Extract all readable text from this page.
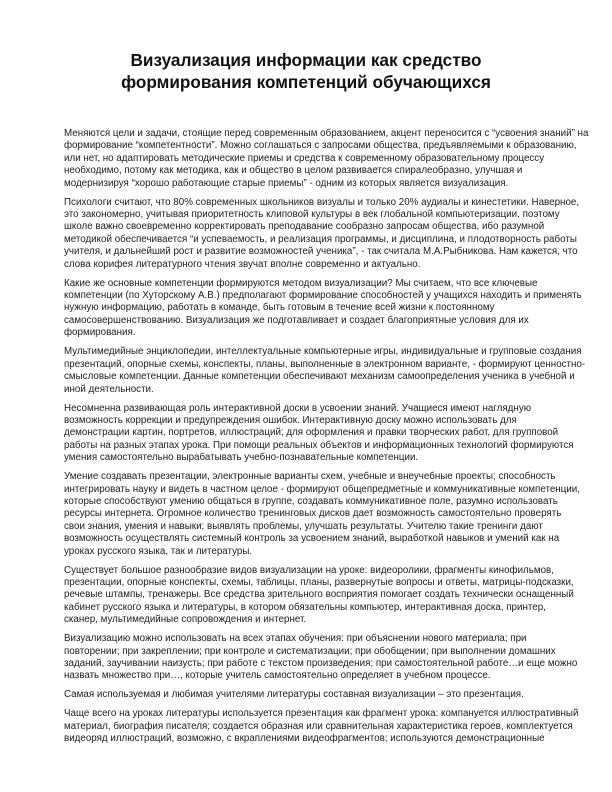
Визуализация информации как средство
формирования компетенций обучающихся

Меняются цели и задачи, стоящие перед современным образованием, акцент переносится с “усвоения знаний” на
формирование “компетентности”. Можно соглашаться с запросами общества, предъявляемыми к образованию,
или нет, но адаптировать методические приемы и средства к современному образовательному процессу
необходимо, потому как методика, как и общество в целом развивается спиралеобразно, улучшая и
модернизируя “хорошо работающие старые приемы” - одним из которых является визуализация.

Психологи считают, что 80% современных школьников визуалы и только 20% аудиалы и кинестетики. Наверное,
это закономерно, учитывая приоритетность клиповой культуры в век глобальной компьютеризации, поэтому
школе важно своевременно корректировать преподавание сообразно запросам общества, ибо разумной
методикой обеспечивается “и успеваемость, и реализация программы, и дисциплина, и плодотворность работы
учителя, и дальнейший рост и развитие возможностей ученика”, - так считала М.А.Рыбникова. Нам кажется, что
слова корифея литературного чтения звучат вполне современно и актуально.

Какие же основные компетенции формируются методом визуализации? Мы считаем, что все ключевые
компетенции (по Хуторскому А.В.) предполагают формирование способностей у учащихся находить и применять
нужную информацию, работать в команде, быть готовым в течение всей жизни к постоянному
самосовершенствованию. Визуализация же подготавливает и создает благоприятные условия для их
формирования.

Мультимедийные энциклопедии, интеллектуальные компьютерные игры, индивидуальные и групповые создания
презентаций, опорные схемы, конспекты, планы, выполненные в электронном варианте, - формируют ценностно-
смысловые компетенции. Данные компетенции обеспечивают механизм самоопределения ученика в учебной и
иной деятельности.

Несомненна развивающая роль интерактивной доски в усвоении знаний. Учащиеся имеют наглядную
возможность коррекции и предупреждения ошибок. Интерактивную доску можно использовать для
демонстрации картин, портретов, иллюстраций; для оформления и правки творческих работ, для групповой
работы на разных этапах урока. При помощи реальных объектов и информационных технологий формируются
умения самостоятельно вырабатывать учебно-познавательные компетенции.

Умение создавать презентации, электронные варианты схем, учебные и внеучебные проекты; способность
интегрировать науку и видеть в частном целое - формируют общепредметные и коммуникативные компетенции,
которые способствуют умению общаться в группе, создавать коммуникативное поле, разумно использовать
ресурсы интернета. Огромное количество тренинговых дисков дает возможность самостоятельно проверять
свои знания, умения и навыки; выявлять проблемы, улучшать результаты. Учителю такие тренинги дают
возможность осуществлять системный контроль за усвоением знаний, выработкой навыков и умений как на
уроках русского языка, так и литературы.

Существует большое разнообразие видов визуализации на уроке: видеоролики, фрагменты кинофильмов,
презентации, опорные конспекты, схемы, таблицы, планы, развернутые вопросы и ответы, матрицы-подсказки,
речевые штампы, тренажеры. Все средства зрительного восприятия помогает создать технически оснащенный
кабинет русского языка и литературы, в котором обязательны компьютер, интерактивная доска, принтер,
сканер, мультимедийные сопровождения и интернет.

Визуализацию можно использовать на всех этапах обучения: при объяснении нового материала; при
повторении; при закреплении; при контроле и систематизации; при обобщении; при выполнении домашних
заданий, заучивании наизусть; при работе с текстом произведения; при самостоятельной работе…и еще можно
назвать множество при…, которые учитель самостоятельно определяет в учебном процессе.

Самая используемая и любимая учителями литературы составная визуализации – это презентация.

Чаще всего на уроках литературы используется презентация как фрагмент урока: компануется иллюстративный
материал, биография писателя; создается образная или сравнительная характеристика героев, комплектуется
видеоряд иллюстраций, возможно, с вкраплениями видеофрагментов; используются демонстрационные
